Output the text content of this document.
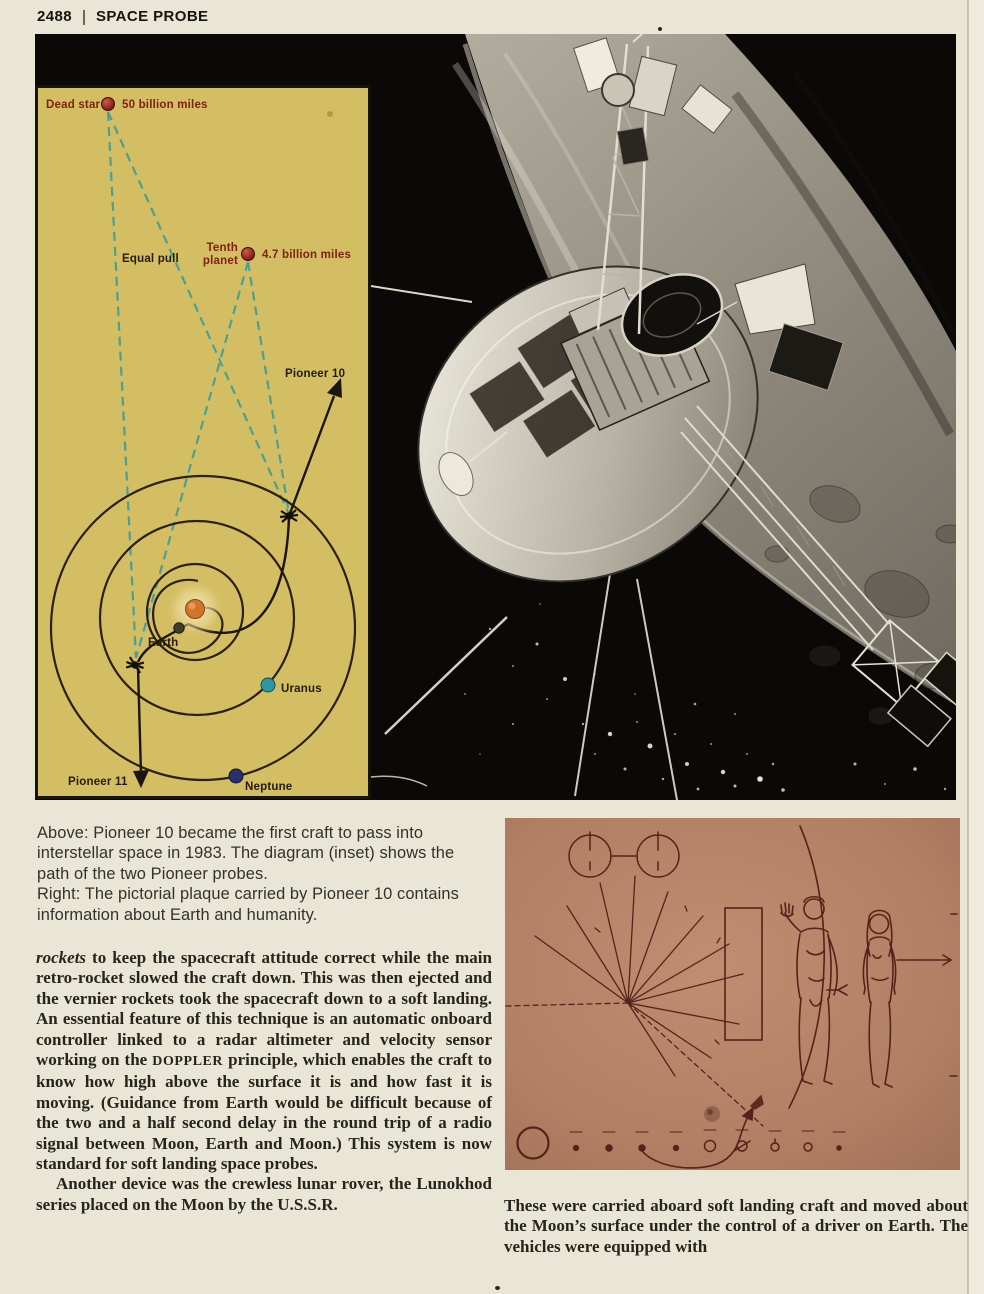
2488 SPACE PROBE
Dead star 50 billion miles
Tenth
planet 4.7 billion miles
Equal pull
Pioneer 10
Pioneer 11
Earth
Uranus
Neptune

Above: Pioneer 10 became the first craft to pass into interstellar space in 1983. The diagram (inset) shows the path of the two Pioneer probes.

Right: The pictorial plaque carried by Pioneer 10 contains information about Earth and humanity.

rockets to keep the spacecraft attitude correct while the main retro-rocket slowed the craft down. This was then ejected and the vernier rockets took the spacecraft down to a soft landing. An essential feature of this technique is an automatic onboard controller linked to a radar altimeter and velocity sensor working on the DOPPLER principle, which enables the craft to know how high above the surface it is and how fast it is moving. (Guidance from Earth would be difficult because of the two and a half second delay in the round trip of a radio signal between Moon, Earth and Moon.) This system is now standard for soft landing space probes.

Another device was the crewless lunar rover, the Lunokhod series placed on the Moon by the U.S.S.R.	These were carried aboard soft landing craft and moved about the Moon’s surface under the control of a driver on Earth. The vehicles were equipped with
